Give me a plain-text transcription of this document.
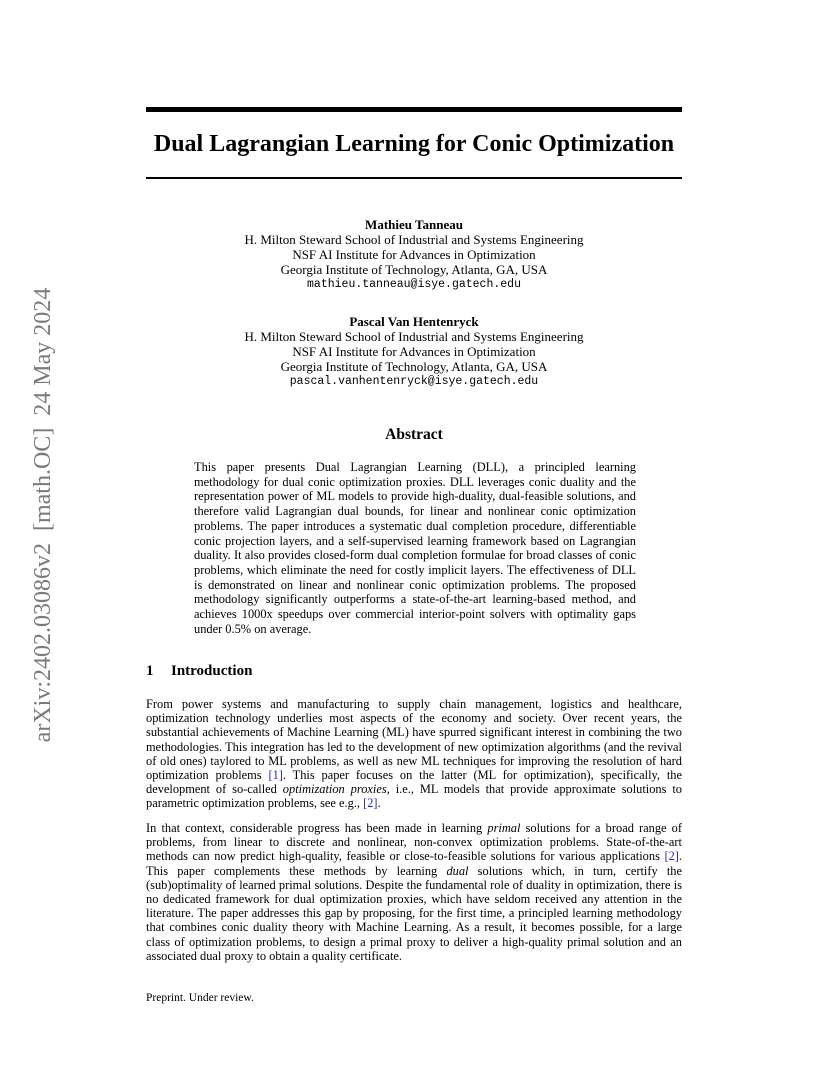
arXiv:2402.03086v2  [math.OC]  24 May 2024
Dual Lagrangian Learning for Conic Optimization
Mathieu Tanneau
H. Milton Steward School of Industrial and Systems Engineering
NSF AI Institute for Advances in Optimization
Georgia Institute of Technology, Atlanta, GA, USA
mathieu.tanneau@isye.gatech.edu
Pascal Van Hentenryck
H. Milton Steward School of Industrial and Systems Engineering
NSF AI Institute for Advances in Optimization
Georgia Institute of Technology, Atlanta, GA, USA
pascal.vanhentenryck@isye.gatech.edu
Abstract
This paper presents Dual Lagrangian Learning (DLL), a principled learning methodology for dual conic optimization proxies. DLL leverages conic duality and the representation power of ML models to provide high-duality, dual-feasible solutions, and therefore valid Lagrangian dual bounds, for linear and nonlinear conic optimization problems. The paper introduces a systematic dual completion procedure, differentiable conic projection layers, and a self-supervised learning framework based on Lagrangian duality. It also provides closed-form dual completion formulae for broad classes of conic problems, which eliminate the need for costly implicit layers. The effectiveness of DLL is demonstrated on linear and nonlinear conic optimization problems. The proposed methodology significantly outperforms a state-of-the-art learning-based method, and achieves 1000x speedups over commercial interior-point solvers with optimality gaps under 0.5% on average.
1 Introduction
From power systems and manufacturing to supply chain management, logistics and healthcare, optimization technology underlies most aspects of the economy and society. Over recent years, the substantial achievements of Machine Learning (ML) have spurred significant interest in combining the two methodologies. This integration has led to the development of new optimization algorithms (and the revival of old ones) taylored to ML problems, as well as new ML techniques for improving the resolution of hard optimization problems [1]. This paper focuses on the latter (ML for optimization), specifically, the development of so-called optimization proxies, i.e., ML models that provide approximate solutions to parametric optimization problems, see e.g., [2].
In that context, considerable progress has been made in learning primal solutions for a broad range of problems, from linear to discrete and nonlinear, non-convex optimization problems. State-of-the-art methods can now predict high-quality, feasible or close-to-feasible solutions for various applications [2]. This paper complements these methods by learning dual solutions which, in turn, certify the (sub)optimality of learned primal solutions. Despite the fundamental role of duality in optimization, there is no dedicated framework for dual optimization proxies, which have seldom received any attention in the literature. The paper addresses this gap by proposing, for the first time, a principled learning methodology that combines conic duality theory with Machine Learning. As a result, it becomes possible, for a large class of optimization problems, to design a primal proxy to deliver a high-quality primal solution and an associated dual proxy to obtain a quality certificate.
Preprint. Under review.
